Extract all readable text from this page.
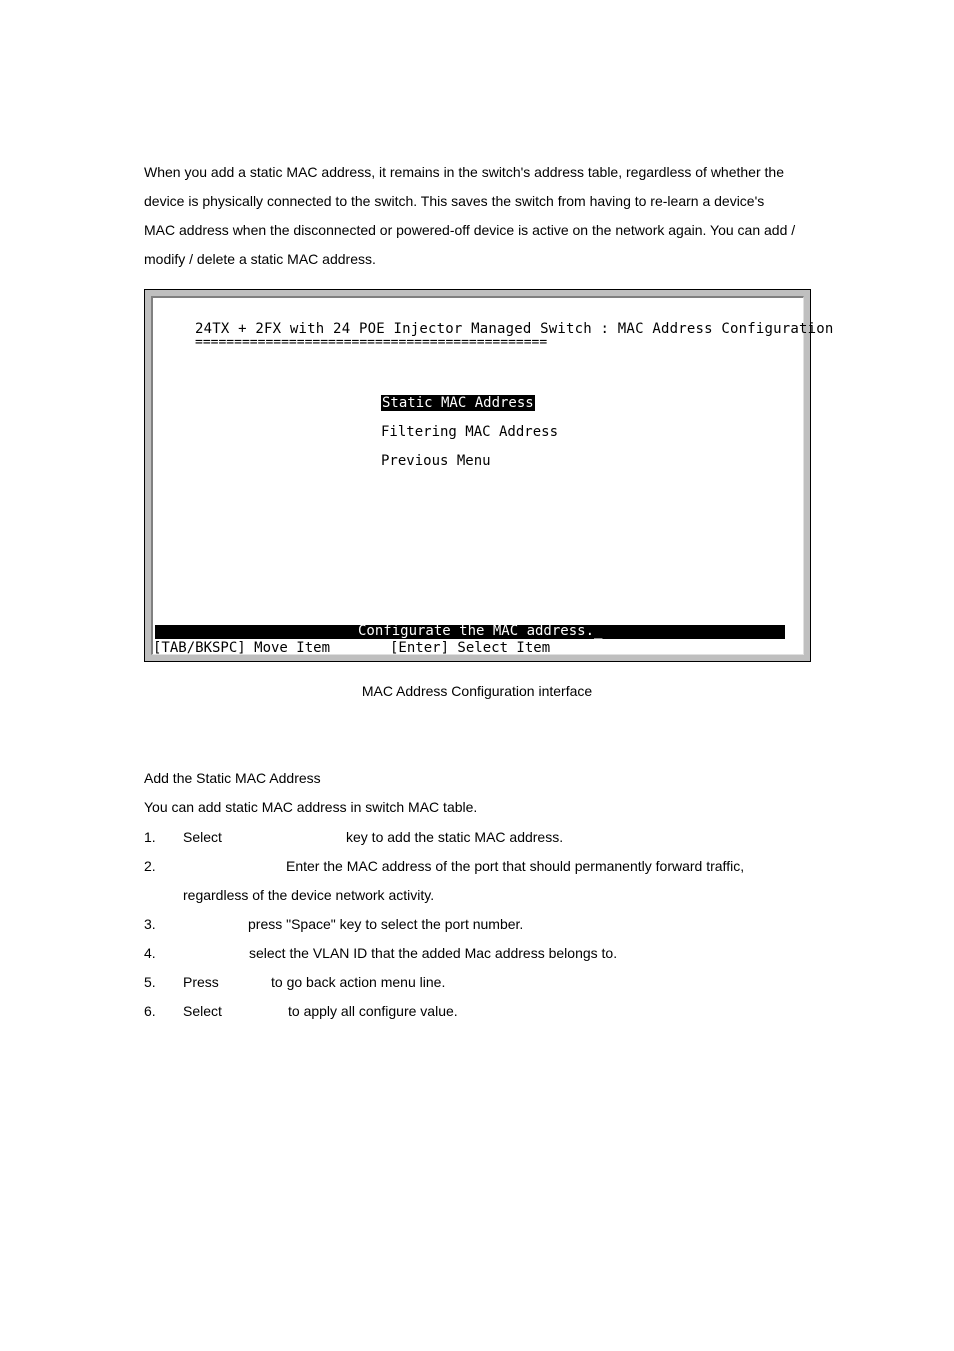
When you add a static MAC address, it remains in the switch's address table, regardless of whether the
device is physically connected to the switch. This saves the switch from having to re-learn a device's
MAC address when the disconnected or powered-off device is active on the network again. You can add /
modify / delete a static MAC address.
24TX + 2FX with 24 POE Injector Managed Switch : MAC Address Configuration
=============================================
Static MAC Address
Filtering MAC Address
Previous Menu
Configurate the MAC address._
[TAB/BKSPC] Move Item	[Enter] Select Item
MAC Address Configuration interface
Add the Static MAC Address
You can add static MAC address in switch MAC table.
1. Select	key to add the static MAC address.
2.	Enter the MAC address of the port that should permanently forward traffic,
regardless of the device network activity.
3.	press "Space" key to select the port number.
4.	select the VLAN ID that the added Mac address belongs to.
5. Press	to go back action menu line.
6. Select	to apply all configure value.
